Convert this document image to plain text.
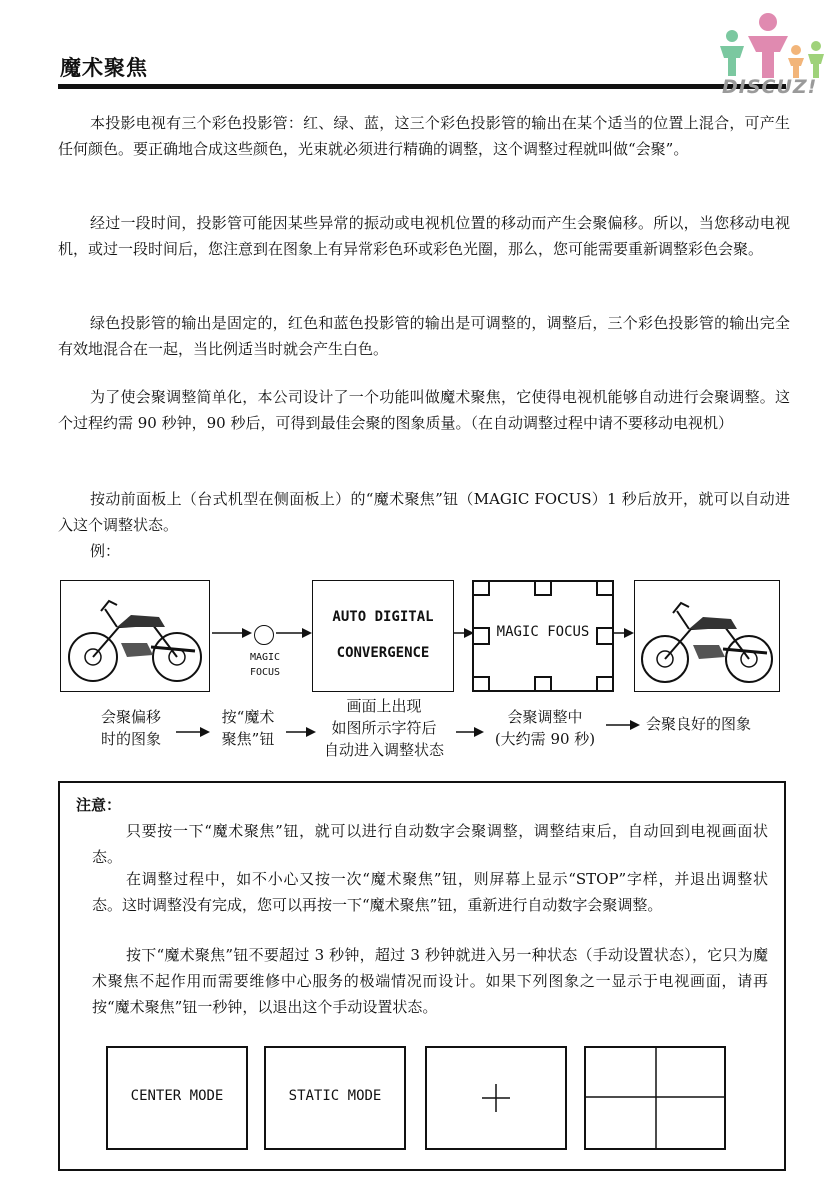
魔术聚焦
DISCUZ!

本投影电视有三个彩色投影管：红、绿、蓝，这三个彩色投影管的输出在某个适当的位置上混合，可产生任何颜色。要正确地合成这些颜色，光束就必须进行精确的调整，这个调整过程就叫做“会聚”。

经过一段时间，投影管可能因某些异常的振动或电视机位置的移动而产生会聚偏移。所以，当您移动电视机，或过一段时间后，您注意到在图象上有异常彩色环或彩色光圈，那么，您可能需要重新调整彩色会聚。

绿色投影管的输出是固定的，红色和蓝色投影管的输出是可调整的，调整后，三个彩色投影管的输出完全有效地混合在一起，当比例适当时就会产生白色。

为了使会聚调整简单化，本公司设计了一个功能叫做魔术聚焦，它使得电视机能够自动进行会聚调整。这个过程约需 90 秒钟，90 秒后，可得到最佳会聚的图象质量。（在自动调整过程中请不要移动电视机）

按动前面板上（台式机型在侧面板上）的“魔术聚焦”钮（MAGIC FOCUS）1 秒后放开，就可以自动进入这个调整状态。

例：
MAGIC
FOCUS
AUTO DIGITAL
CONVERGENCE
MAGIC FOCUS
会聚偏移
时的图象
按“魔术
聚焦”钮
画面上出现
如图所示字符后
自动进入调整状态
会聚调整中
(大约需 90 秒)
会聚良好的图象
注意：

只要按一下“魔术聚焦”钮，就可以进行自动数字会聚调整，调整结束后，自动回到电视画面状态。

在调整过程中，如不小心又按一次“魔术聚焦”钮，则屏幕上显示“STOP”字样，并退出调整状态。这时调整没有完成，您可以再按一下“魔术聚焦”钮，重新进行自动数字会聚调整。

按下“魔术聚焦”钮不要超过 3 秒钟，超过 3 秒钟就进入另一种状态（手动设置状态），它只为魔术聚焦不起作用而需要维修中心服务的极端情况而设计。如果下列图象之一显示于电视画面，请再按“魔术聚焦”钮一秒钟，以退出这个手动设置状态。

CENTER MODE	STATIC MODE
